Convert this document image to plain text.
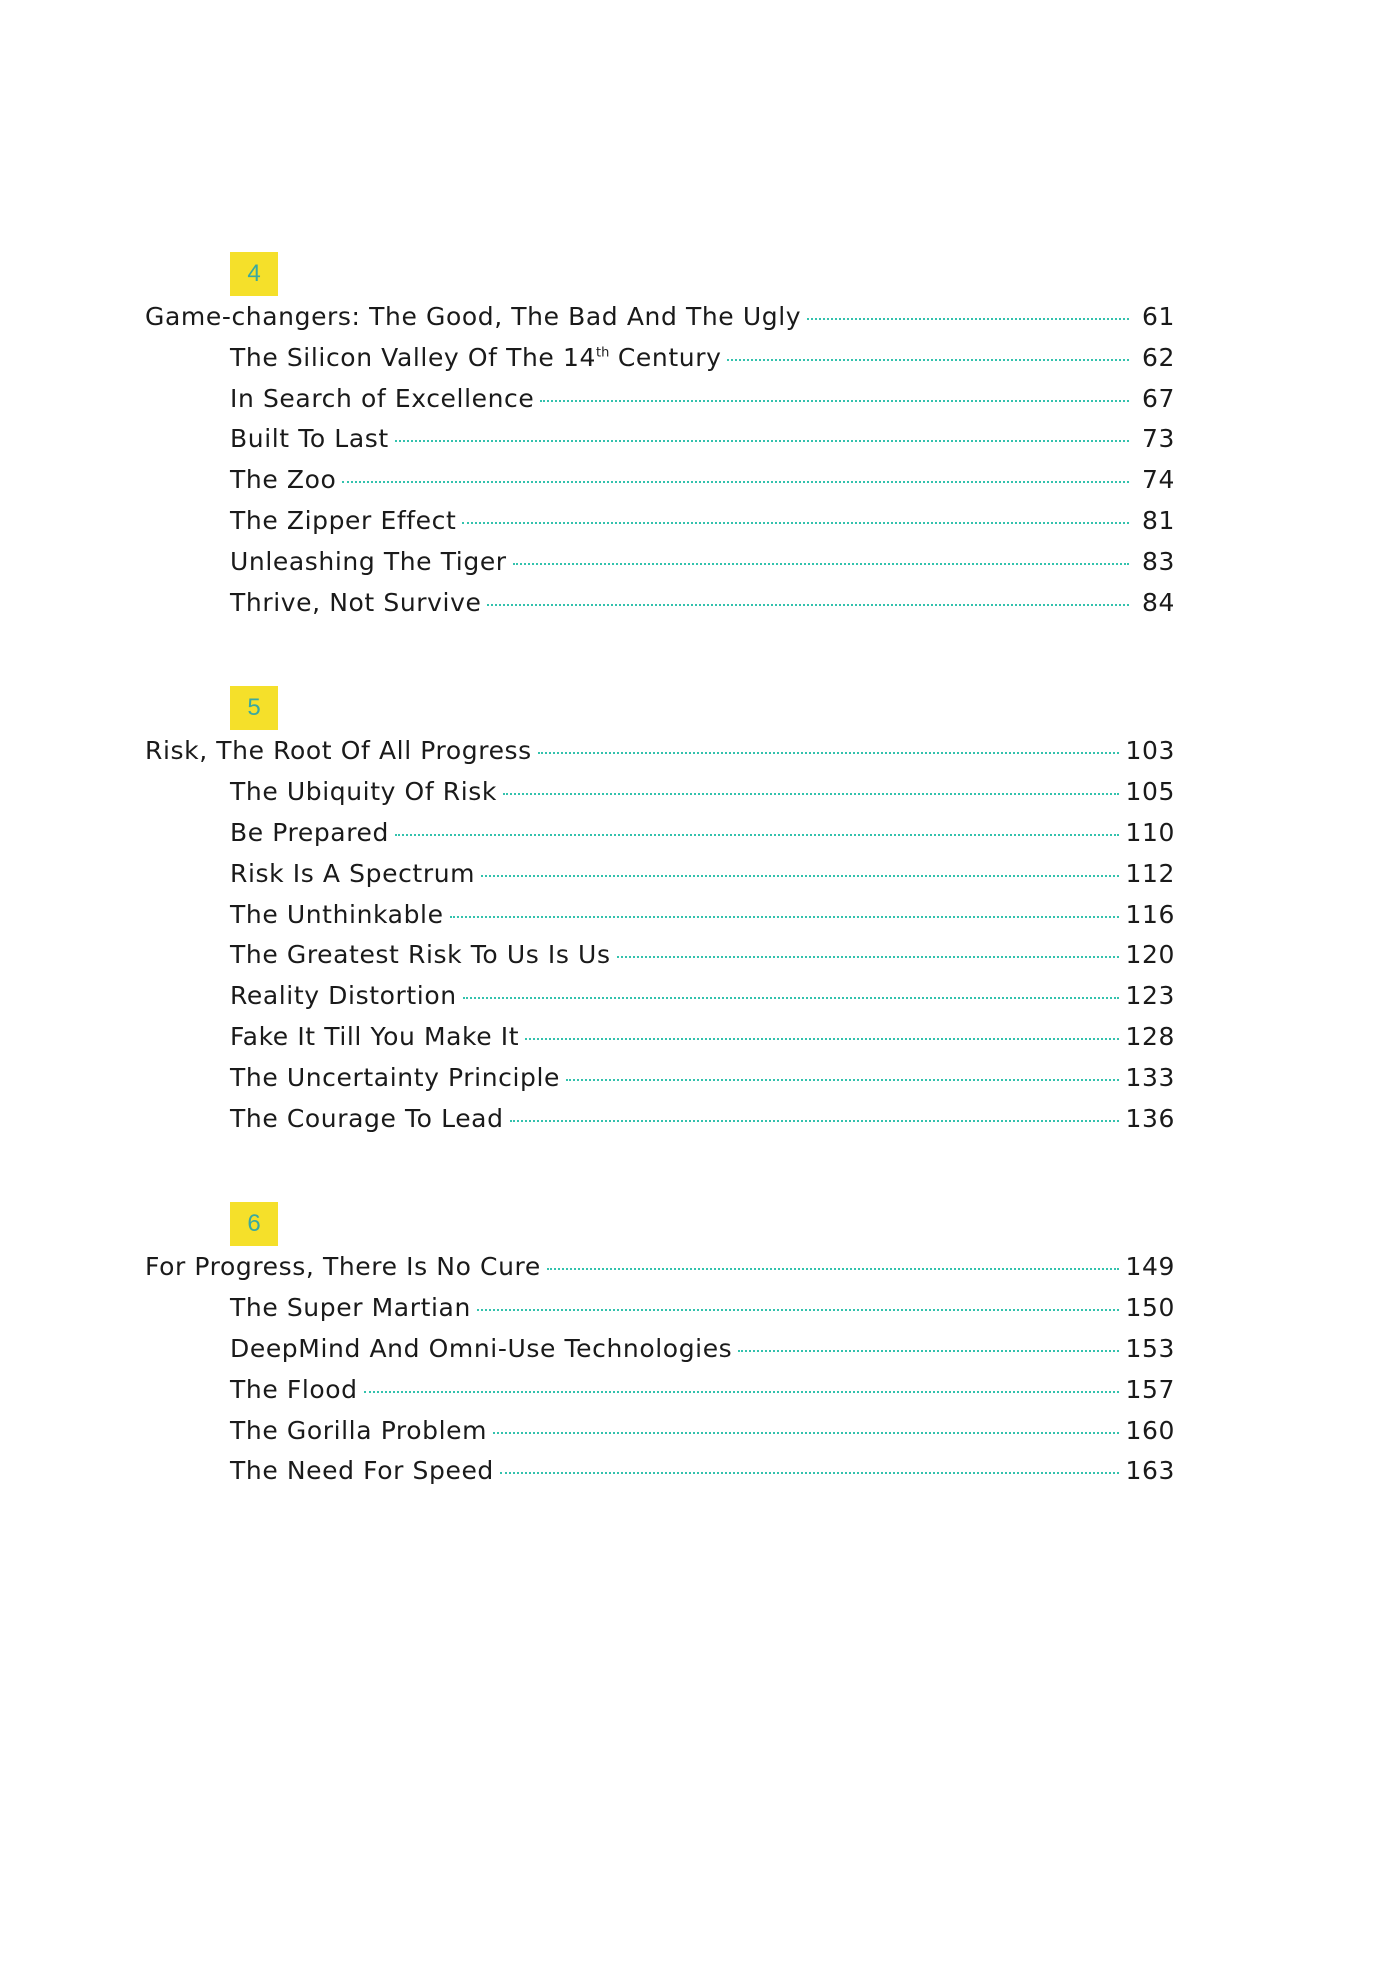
4
Game-changers: The Good, The Bad And The Ugly	61
The Silicon Valley Of The 14th Century	62
In Search of Excellence	67
Built To Last	73
The Zoo	74
The Zipper Effect	81
Unleashing The Tiger	83
Thrive, Not Survive	84
5
Risk, The Root Of All Progress	103
The Ubiquity Of Risk	105
Be Prepared	110
Risk Is A Spectrum	112
The Unthinkable	116
The Greatest Risk To Us Is Us	120
Reality Distortion	123
Fake It Till You Make It	128
The Uncertainty Principle	133
The Courage To Lead	136
6
For Progress, There Is No Cure	149
The Super Martian	150
DeepMind And Omni-Use Technologies	153
The Flood	157
The Gorilla Problem	160
The Need For Speed	163
